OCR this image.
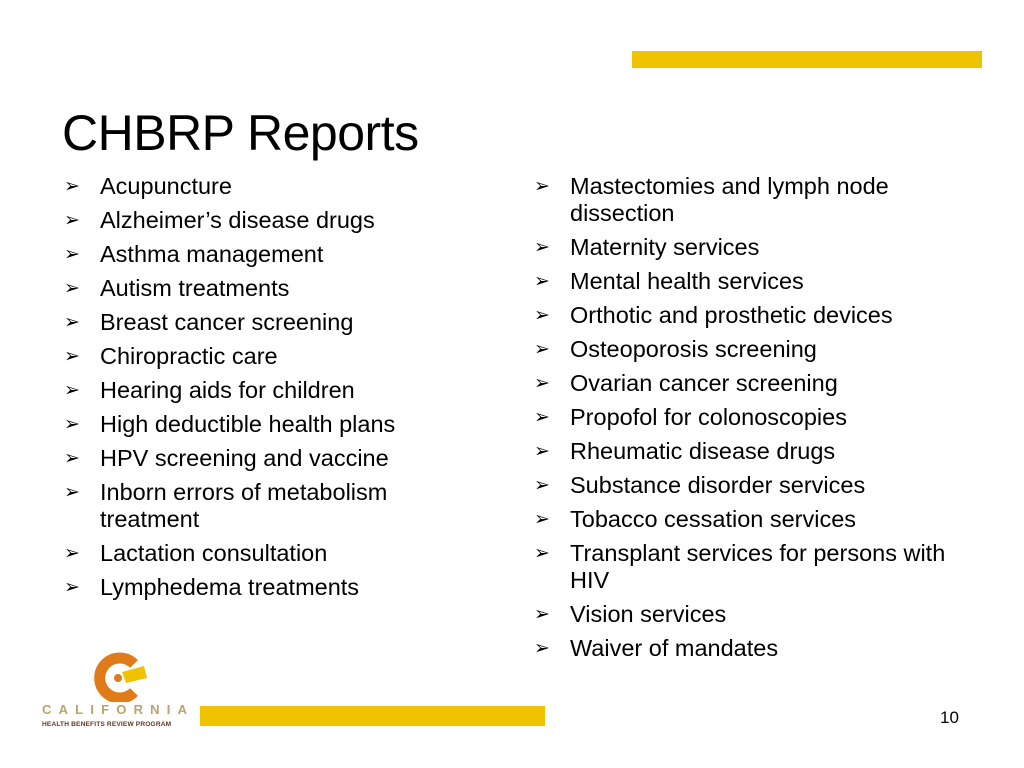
CHBRP Reports
➢ Acupuncture
➢ Alzheimer’s disease drugs
➢ Asthma management
➢ Autism treatments
➢ Breast cancer screening
➢ Chiropractic care
➢ Hearing aids for children
➢ High deductible health plans
➢ HPV screening and vaccine
➢ Inborn errors of metabolism treatment
➢ Lactation consultation
➢ Lymphedema treatments
➢ Mastectomies and lymph node dissection
➢ Maternity services
➢ Mental health services
➢ Orthotic and prosthetic devices
➢ Osteoporosis screening
➢ Ovarian cancer screening
➢ Propofol for colonoscopies
➢ Rheumatic disease drugs
➢ Substance disorder services
➢ Tobacco cessation services
➢ Transplant services for persons with HIV
➢ Vision services
➢ Waiver of mandates
CALIFORNIA
HEALTH BENEFITS REVIEW PROGRAM	10
